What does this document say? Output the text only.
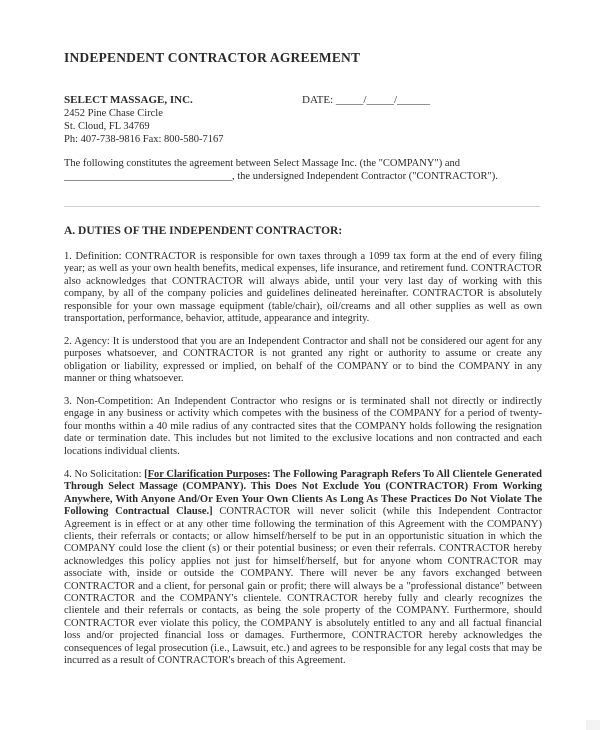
INDEPENDENT CONTRACTOR AGREEMENT
SELECT MASSAGE, INC.
2452 Pine Chase Circle
St. Cloud, FL 34769
Ph: 407-738-9816 Fax: 800-580-7167
DATE: _____/_____/______
The following constitutes the agreement between Select Massage Inc. (the "COMPANY") and
________________________________, the undersigned Independent Contractor ("CONTRACTOR").
A. DUTIES OF THE INDEPENDENT CONTRACTOR:
1. Definition: CONTRACTOR is responsible for own taxes through a 1099 tax form at the end of every filing year; as well as your own health benefits, medical expenses, life insurance, and retirement fund. CONTRACTOR also acknowledges that CONTRACTOR will always abide, until your very last day of working with this company, by all of the company policies and guidelines delineated hereinafter. CONTRACTOR is absolutely responsible for your own massage equipment (table/chair), oil/creams and all other supplies as well as own transportation, performance, behavior, attitude, appearance and integrity.
2. Agency: It is understood that you are an Independent Contractor and shall not be considered our agent for any purposes whatsoever, and CONTRACTOR is not granted any right or authority to assume or create any obligation or liability, expressed or implied, on behalf of the COMPANY or to bind the COMPANY in any manner or thing whatsoever.
3. Non-Competition: An Independent Contractor who resigns or is terminated shall not directly or indirectly engage in any business or activity which competes with the business of the COMPANY for a period of twenty-four months within a 40 mile radius of any contracted sites that the COMPANY holds following the resignation date or termination date. This includes but not limited to the exclusive locations and non contracted and each locations individual clients.
4. No Solicitation: [For Clarification Purposes: The Following Paragraph Refers To All Clientele Generated Through Select Massage (COMPANY). This Does Not Exclude You (CONTRACTOR) From Working Anywhere, With Anyone And/Or Even Your Own Clients As Long As These Practices Do Not Violate The Following Contractual Clause.] CONTRACTOR will never solicit (while this Independent Contractor Agreement is in effect or at any other time following the termination of this Agreement with the COMPANY) clients, their referrals or contacts; or allow himself/herself to be put in an opportunistic situation in which the COMPANY could lose the client (s) or their potential business; or even their referrals. CONTRACTOR hereby acknowledges this policy applies not just for himself/herself, but for anyone whom CONTRACTOR may associate with, inside or outside the COMPANY. There will never be any favors exchanged between CONTRACTOR and a client, for personal gain or profit; there will always be a "professional distance" between CONTRACTOR and the COMPANY's clientele. CONTRACTOR hereby fully and clearly recognizes the clientele and their referrals or contacts, as being the sole property of the COMPANY. Furthermore, should CONTRACTOR ever violate this policy, the COMPANY is absolutely entitled to any and all factual financial loss and/or projected financial loss or damages. Furthermore, CONTRACTOR hereby acknowledges the consequences of legal prosecution (i.e., Lawsuit, etc.) and agrees to be responsible for any legal costs that may be incurred as a result of CONTRACTOR's breach of this Agreement.
